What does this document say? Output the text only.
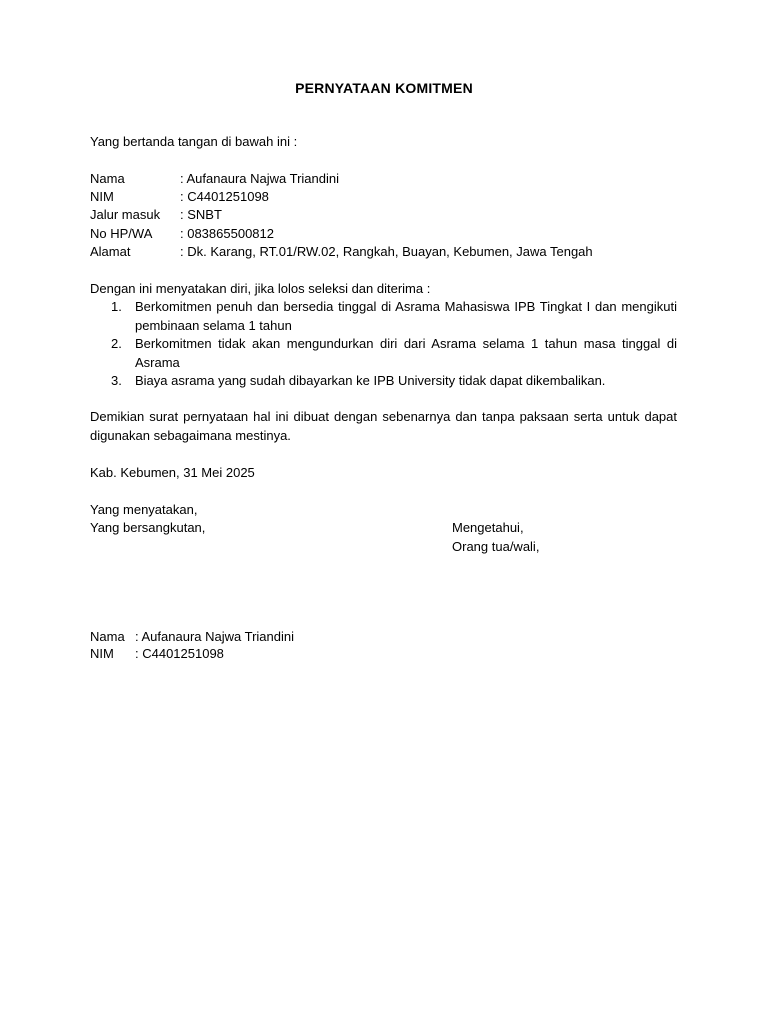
PERNYATAAN KOMITMEN
Yang bertanda tangan di bawah ini :
Nama	: Aufanaura Najwa Triandini
NIM	: C4401251098
Jalur masuk : SNBT
No HP/WA : 083865500812
Alamat	: Dk. Karang, RT.01/RW.02, Rangkah, Buayan, Kebumen, Jawa Tengah
Dengan ini menyatakan diri, jika lolos seleksi dan diterima :
1. Berkomitmen penuh dan bersedia tinggal di Asrama Mahasiswa IPB Tingkat I dan mengikuti pembinaan selama 1 tahun
2. Berkomitmen tidak akan mengundurkan diri dari Asrama selama 1 tahun masa tinggal di Asrama
3. Biaya asrama yang sudah dibayarkan ke IPB University tidak dapat dikembalikan.
Demikian surat pernyataan hal ini dibuat dengan sebenarnya dan tanpa paksaan serta untuk dapat digunakan sebagaimana mestinya.
Kab. Kebumen, 31 Mei 2025
Yang menyatakan,
Yang bersangkutan,	Mengetahui,
Orang tua/wali,
Nama : Aufanaura Najwa Triandini
NIM : C4401251098
